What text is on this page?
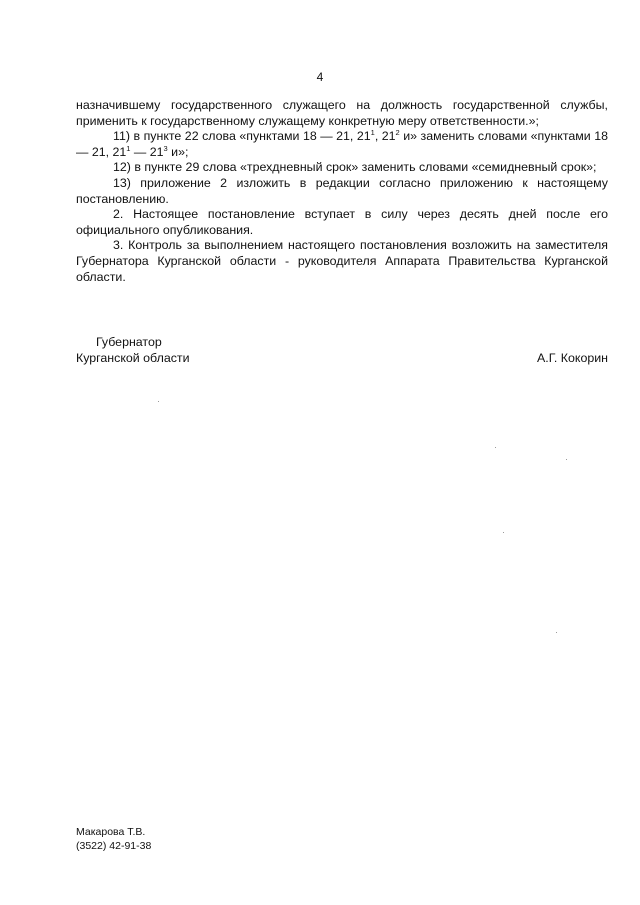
4

назначившему государственного служащего на должность государственной службы, применить к государственному служащему конкретную меру ответственности.»;

11) в пункте 22 слова «пунктами 18 — 21, $21^1$, $21^2$ и» заменить словами «пунктами 18 — 21, $21^1$ — $21^3$ и»;

12) в пункте 29 слова «трехдневный срок» заменить словами «семидневный срок»;

13) приложение 2 изложить в редакции согласно приложению к настоящему постановлению.

2. Настоящее постановление вступает в силу через десять дней после его официального опубликования.

3. Контроль за выполнением настоящего постановления возложить на заместителя Губернатора Курганской области - руководителя Аппарата Правительства Курганской области.

Губернатор
Курганской области	А.Г. Кокорин
Макарова Т.В.
(3522) 42-91-38
